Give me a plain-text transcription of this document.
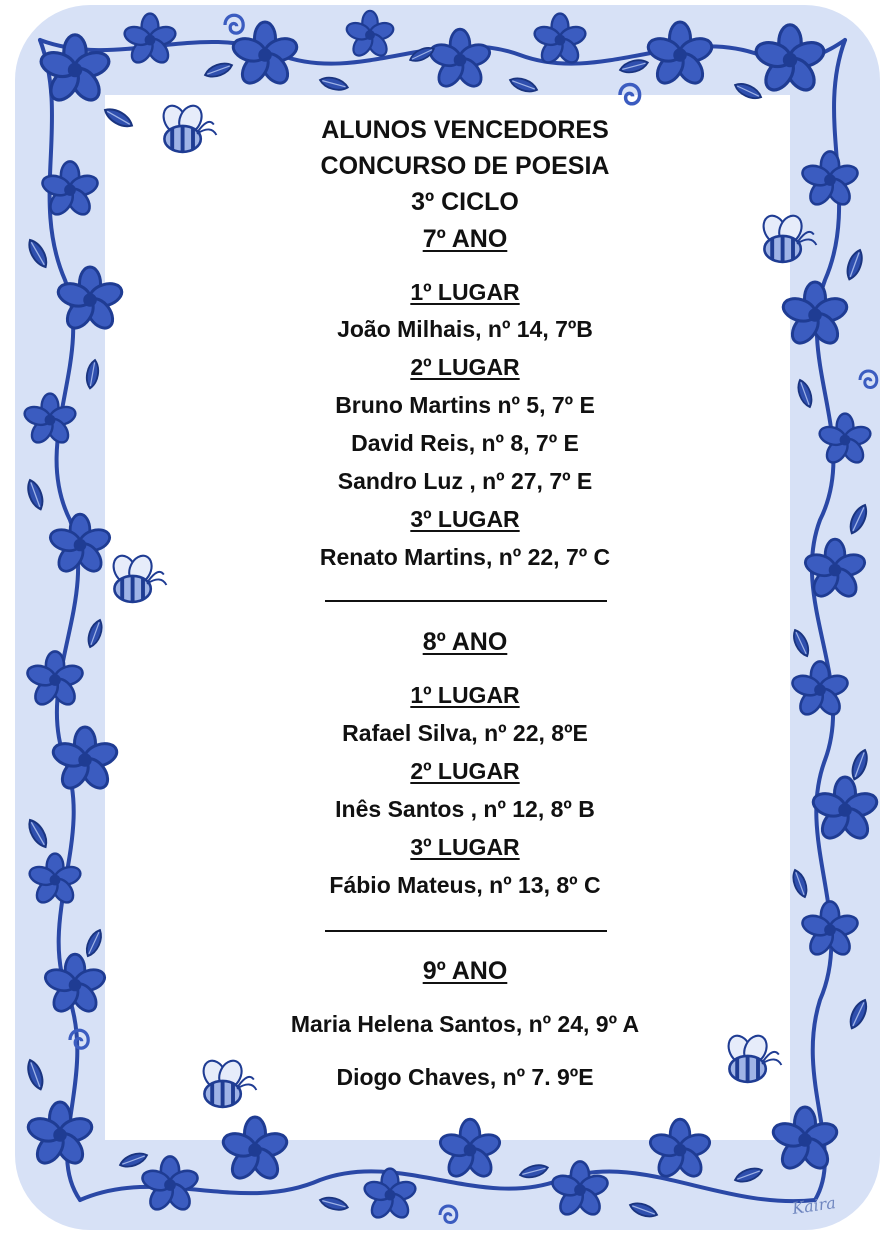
ALUNOS VENCEDORES
CONCURSO DE POESIA
3º CICLO
7º ANO
1º LUGAR
João Milhais, nº 14, 7ºB
2º LUGAR
Bruno Martins nº 5, 7º E
David Reis, nº 8, 7º E
Sandro Luz , nº 27, 7º E
3º LUGAR
Renato Martins, nº 22, 7º C
8º ANO
1º LUGAR
Rafael Silva, nº 22, 8ºE
2º LUGAR
Inês Santos , nº 12, 8º B
3º LUGAR
Fábio Mateus, nº 13, 8º C
9º ANO
Maria Helena Santos, nº 24, 9º A
Diogo Chaves, nº 7. 9ºE
Kaira
